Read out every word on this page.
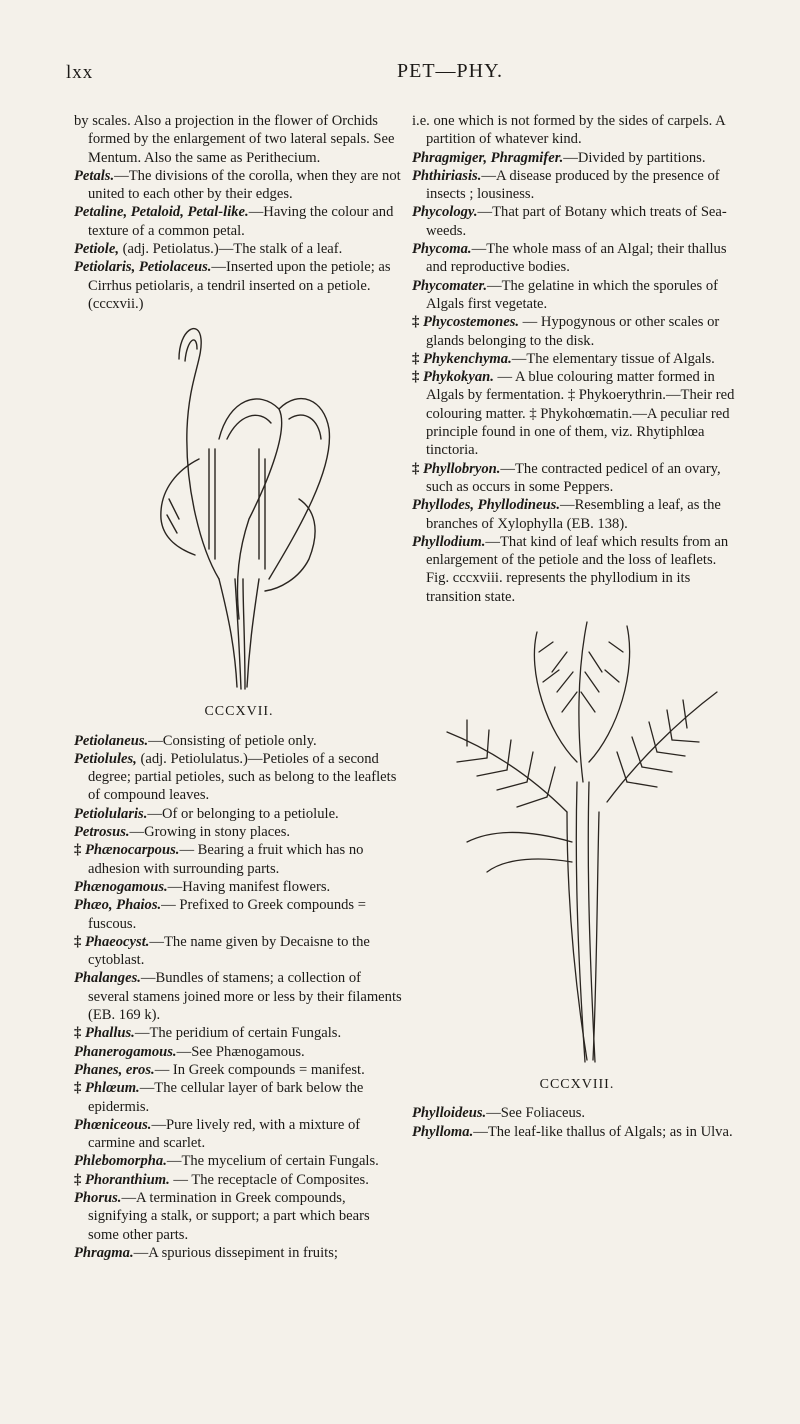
lxx	PET—PHY.

by scales. Also a projection in the flower of Orchids formed by the enlargement of two lateral sepals. See Mentum. Also the same as Perithecium.

Petals.—The divisions of the corolla, when they are not united to each other by their edges.

Petaline, Petaloid, Petal-like.—Having the colour and texture of a common petal.

Petiole, (adj. Petiolatus.)—The stalk of a leaf.

Petiolaris, Petiolaceus.—Inserted upon the petiole; as Cirrhus petiolaris, a tendril inserted on a petiole. (cccxvii.)

CCCXVII.

Petiolaneus.—Consisting of petiole only.

Petiolules, (adj. Petiolulatus.)—Petioles of a second degree; partial petioles, such as belong to the leaflets of compound leaves.

Petiolularis.—Of or belonging to a petiolule.

Petrosus.—Growing in stony places.

‡ Phænocarpous.— Bearing a fruit which has no adhesion with surrounding parts.

Phænogamous.—Having manifest flowers.

Phæo, Phaios.— Prefixed to Greek compounds = fuscous.

‡ Phaeocyst.—The name given by Decaisne to the cytoblast.

Phalanges.—Bundles of stamens; a collection of several stamens joined more or less by their filaments (EB. 169 k).

‡ Phallus.—The peridium of certain Fungals.

Phanerogamous.—See Phænogamous.

Phanes, eros.— In Greek compounds = manifest.

‡ Phlœum.—The cellular layer of bark below the epidermis.

Phœniceous.—Pure lively red, with a mixture of carmine and scarlet.

Phlebomorpha.—The mycelium of certain Fungals.

‡ Phoranthium. — The receptacle of Composites.

Phorus.—A termination in Greek compounds, signifying a stalk, or support; a part which bears some other parts.

Phragma.—A spurious dissepiment in fruits;

i.e. one which is not formed by the sides of carpels. A partition of whatever kind.

Phragmiger, Phragmifer.—Divided by partitions.

Phthiriasis.—A disease produced by the presence of insects ; lousiness.

Phycology.—That part of Botany which treats of Sea-weeds.

Phycoma.—The whole mass of an Algal; their thallus and reproductive bodies.

Phycomater.—The gelatine in which the sporules of Algals first vegetate.

‡ Phycostemones. — Hypogynous or other scales or glands belonging to the disk.

‡ Phykenchyma.—The elementary tissue of Algals.

‡ Phykokyan. — A blue colouring matter formed in Algals by fermentation. ‡ Phykoerythrin.—Their red colouring matter. ‡ Phykohœmatin.—A peculiar red principle found in one of them, viz. Rhytiphlœa tinctoria.

‡ Phyllobryon.—The contracted pedicel of an ovary, such as occurs in some Peppers.

Phyllodes, Phyllodineus.—Resembling a leaf, as the branches of Xylophylla (EB. 138).

Phyllodium.—That kind of leaf which results from an enlargement of the petiole and the loss of leaflets. Fig. cccxviii. represents the phyllodium in its transition state.

CCCXVIII.

Phylloideus.—See Foliaceus.

Phylloma.—The leaf-like thallus of Algals; as in Ulva.
